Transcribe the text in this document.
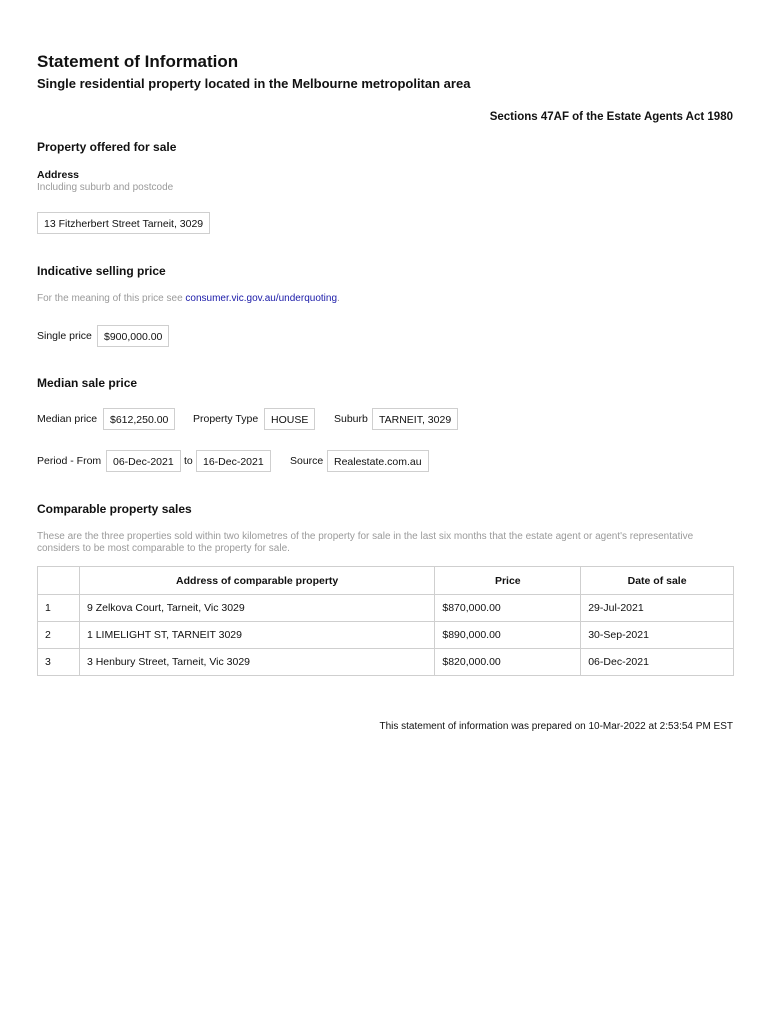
Statement of Information
Single residential property located in the Melbourne metropolitan area
Sections 47AF of the Estate Agents Act 1980
Property offered for sale
Address
Including suburb and postcode
13 Fitzherbert Street Tarneit, 3029
Indicative selling price
For the meaning of this price see consumer.vic.gov.au/underquoting.
Single price	$900,000.00
Median sale price
Median price	$612,250.00	Property Type	HOUSE	Suburb	TARNEIT, 3029
Period - From	06-Dec-2021 to 16-Dec-2021	Source	Realestate.com.au
Comparable property sales
These are the three properties sold within two kilometres of the property for sale in the last six months that the estate agent or agent's representative considers to be most comparable to the property for sale.
	Address of comparable property	Price	Date of sale
1	9 Zelkova Court, Tarneit, Vic 3029	$870,000.00	29-Jul-2021
2	1 LIMELIGHT ST, TARNEIT 3029	$890,000.00	30-Sep-2021
3	3 Henbury Street, Tarneit, Vic 3029	$820,000.00	06-Dec-2021
This statement of information was prepared on 10-Mar-2022 at 2:53:54 PM EST
